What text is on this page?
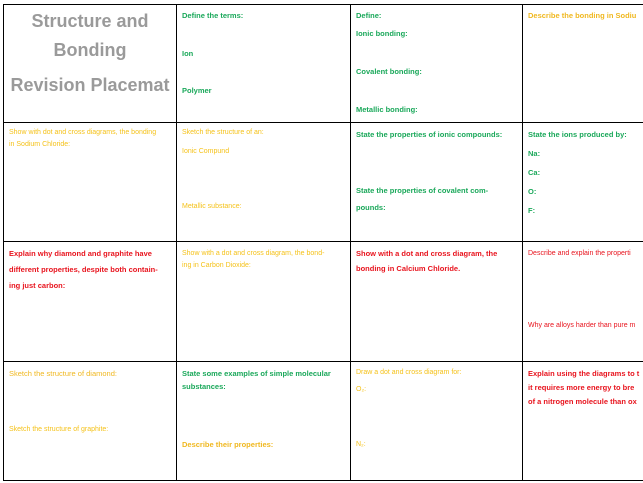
Structure and
Bonding
Revision Placemat

Define the terms:

Ion

Polymer

Define:

Ionic bonding:

Covalent bonding:

Metallic bonding:

Describe the bonding in Sodiu

Show with dot and cross diagrams, the bonding

in Sodium Chloride:

Sketch the structure of an:

Ionic Compund

Metallic substance:

State the properties of ionic compounds:

State the properties of covalent com-

pounds:

State the ions produced by:

Na:

Ca:

O:

F:

Explain why diamond and graphite have

different properties, despite both contain-

ing just carbon:

Show with a dot and cross diagram, the bond-

ing in Carbon Dioxide:

Show with a dot and cross diagram, the

bonding in Calcium Chloride.

Describe and explain the properti

Why are alloys harder than pure m

Sketch the structure of diamond:

Sketch the structure of graphite:

State some examples of simple molecular

substances:

Describe their properties:

Draw a dot and cross diagram for:

O₂:

N₂:

Explain using the diagrams to t

it requires more energy to bre

of a nitrogen molecule than ox
